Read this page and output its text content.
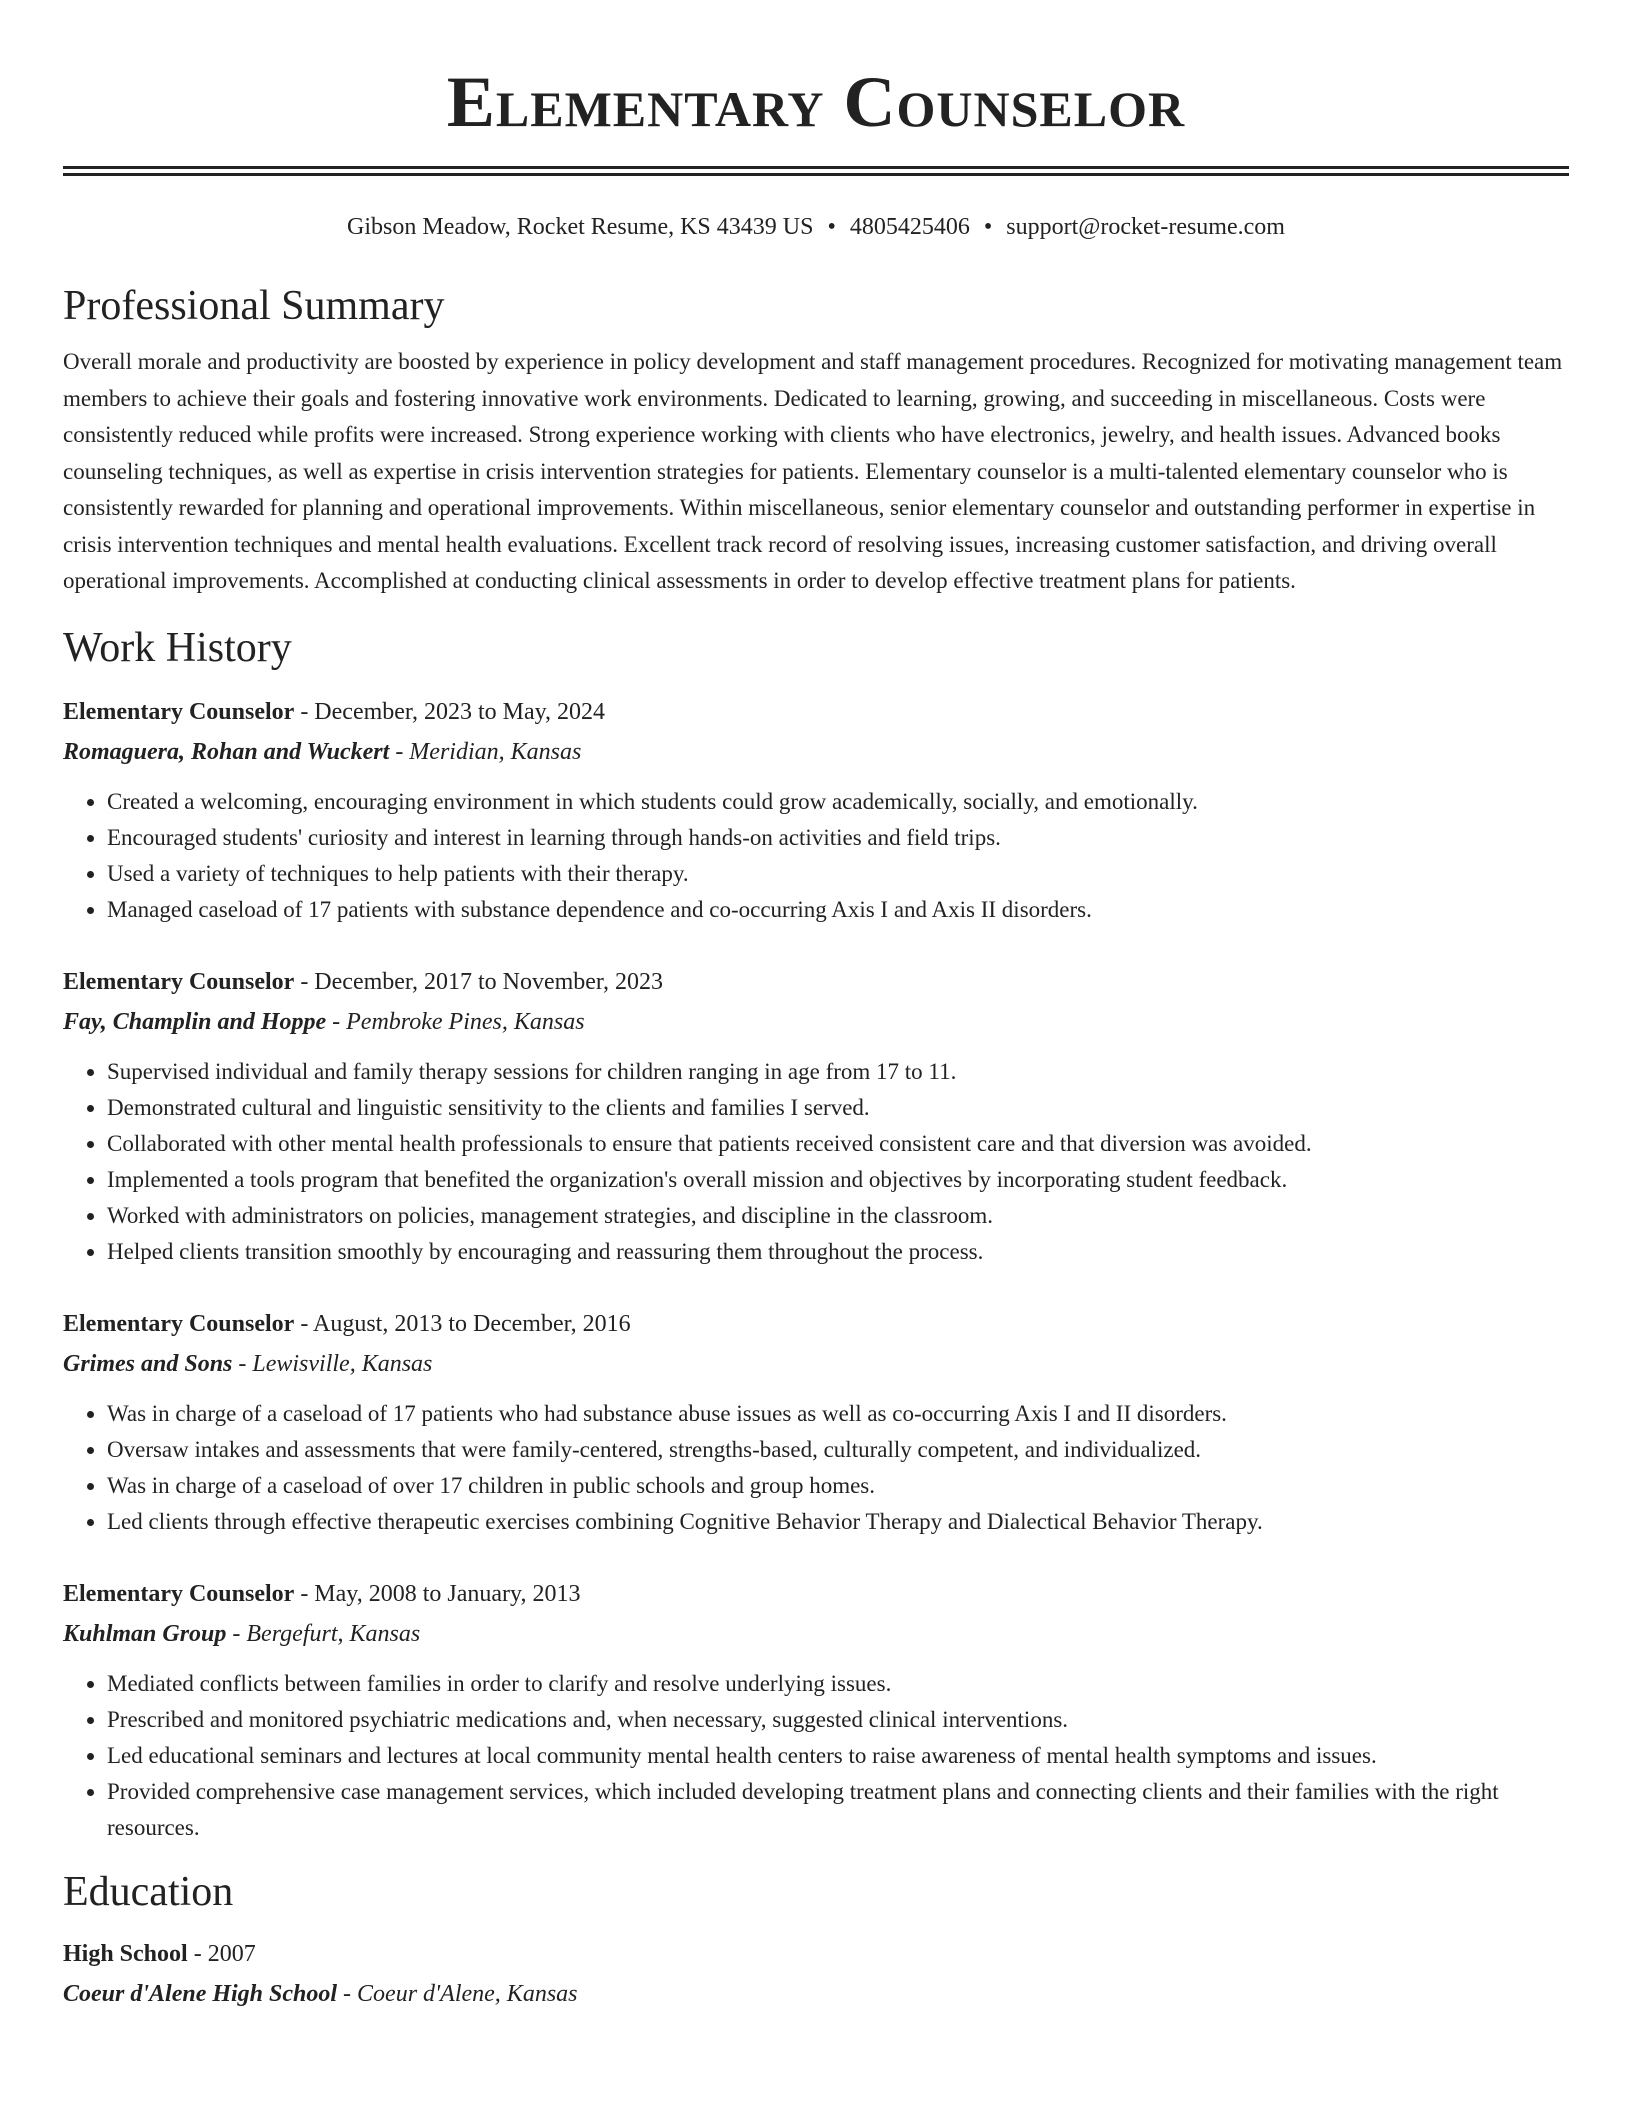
Elementary Counselor
Gibson Meadow, Rocket Resume, KS 43439 US • 4805425406 • support@rocket-resume.com
Professional Summary

Overall morale and productivity are boosted by experience in policy development and staff management procedures. Recognized for motivating management team members to achieve their goals and fostering innovative work environments. Dedicated to learning, growing, and succeeding in miscellaneous. Costs were consistently reduced while profits were increased. Strong experience working with clients who have electronics, jewelry, and health issues. Advanced books counseling techniques, as well as expertise in crisis intervention strategies for patients. Elementary counselor is a multi-talented elementary counselor who is consistently rewarded for planning and operational improvements. Within miscellaneous, senior elementary counselor and outstanding performer in expertise in crisis intervention techniques and mental health evaluations. Excellent track record of resolving issues, increasing customer satisfaction, and driving overall operational improvements. Accomplished at conducting clinical assessments in order to develop effective treatment plans for patients.

Work History
Elementary Counselor - December, 2023 to May, 2024
Romaguera, Rohan and Wuckert - Meridian, Kansas
• Created a welcoming, encouraging environment in which students could grow academically, socially, and emotionally.
• Encouraged students' curiosity and interest in learning through hands-on activities and field trips.
• Used a variety of techniques to help patients with their therapy.
• Managed caseload of 17 patients with substance dependence and co-occurring Axis I and Axis II disorders.
Elementary Counselor - December, 2017 to November, 2023
Fay, Champlin and Hoppe - Pembroke Pines, Kansas
• Supervised individual and family therapy sessions for children ranging in age from 17 to 11.
• Demonstrated cultural and linguistic sensitivity to the clients and families I served.
• Collaborated with other mental health professionals to ensure that patients received consistent care and that diversion was avoided.
• Implemented a tools program that benefited the organization's overall mission and objectives by incorporating student feedback.
• Worked with administrators on policies, management strategies, and discipline in the classroom.
• Helped clients transition smoothly by encouraging and reassuring them throughout the process.
Elementary Counselor - August, 2013 to December, 2016
Grimes and Sons - Lewisville, Kansas
• Was in charge of a caseload of 17 patients who had substance abuse issues as well as co-occurring Axis I and II disorders.
• Oversaw intakes and assessments that were family-centered, strengths-based, culturally competent, and individualized.
• Was in charge of a caseload of over 17 children in public schools and group homes.
• Led clients through effective therapeutic exercises combining Cognitive Behavior Therapy and Dialectical Behavior Therapy.
Elementary Counselor - May, 2008 to January, 2013
Kuhlman Group - Bergefurt, Kansas
• Mediated conflicts between families in order to clarify and resolve underlying issues.
• Prescribed and monitored psychiatric medications and, when necessary, suggested clinical interventions.
• Led educational seminars and lectures at local community mental health centers to raise awareness of mental health symptoms and issues.
• Provided comprehensive case management services, which included developing treatment plans and connecting clients and their families with the right resources.
Education
High School - 2007
Coeur d'Alene High School - Coeur d'Alene, Kansas
